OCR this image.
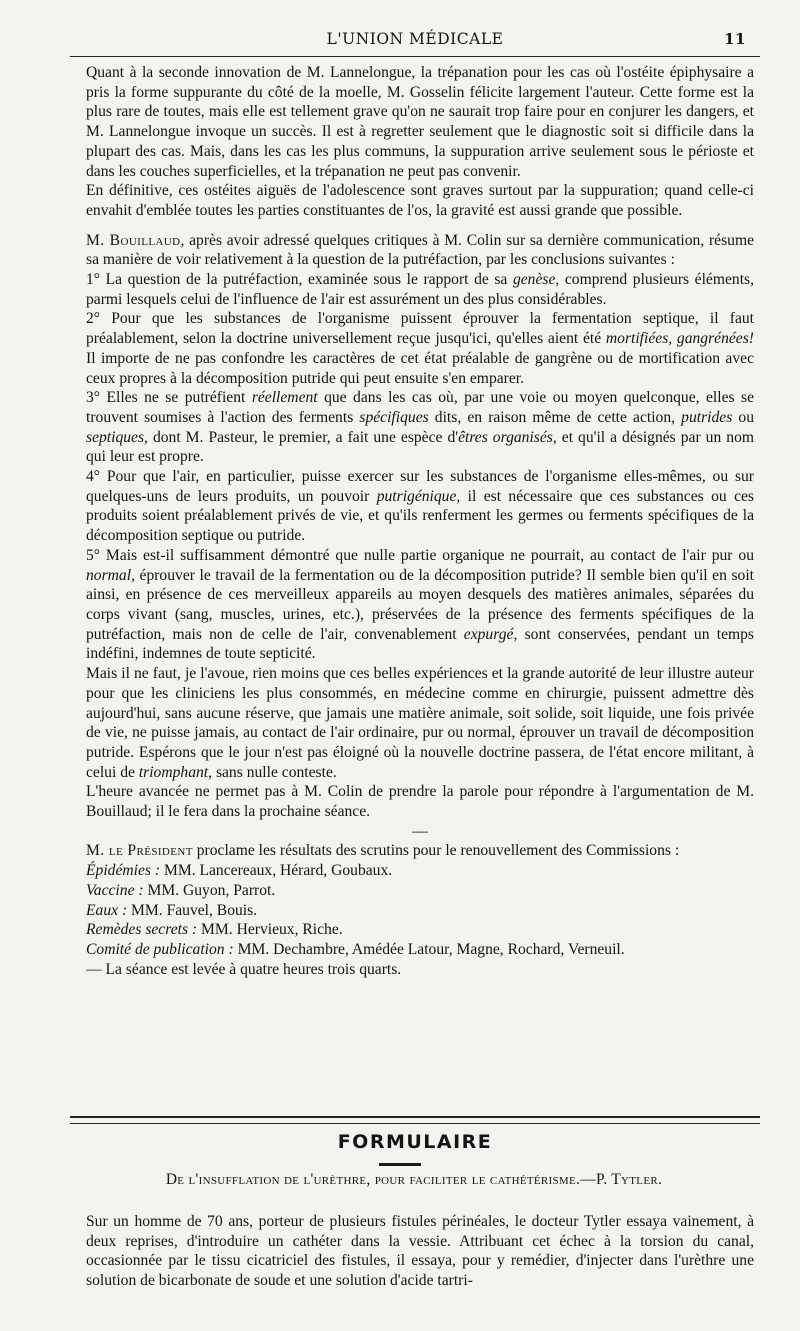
L'UNION MÉDICALE	11

Quant à la seconde innovation de M. Lannelongue, la trépanation pour les cas où l'ostéite épiphysaire a pris la forme suppurante du côté de la moelle, M. Gosselin félicite largement l'auteur. Cette forme est la plus rare de toutes, mais elle est tellement grave qu'on ne saurait trop faire pour en conjurer les dangers, et M. Lannelongue invoque un succès. Il est à regretter seulement que le diagnostic soit si difficile dans la plupart des cas. Mais, dans les cas les plus communs, la suppuration arrive seulement sous le périoste et dans les couches superficielles, et la trépanation ne peut pas convenir.

En définitive, ces ostéites aiguës de l'adolescence sont graves surtout par la suppuration; quand celle-ci envahit d'emblée toutes les parties constituantes de l'os, la gravité est aussi grande que possible.

M. Bouillaud, après avoir adressé quelques critiques à M. Colin sur sa dernière communication, résume sa manière de voir relativement à la question de la putréfaction, par les conclusions suivantes :

1° La question de la putréfaction, examinée sous le rapport de sa genèse, comprend plusieurs éléments, parmi lesquels celui de l'influence de l'air est assurément un des plus considérables.

2° Pour que les substances de l'organisme puissent éprouver la fermentation septique, il faut préalablement, selon la doctrine universellement reçue jusqu'ici, qu'elles aient été mortifiées, gangrénées! Il importe de ne pas confondre les caractères de cet état préalable de gangrène ou de mortification avec ceux propres à la décomposition putride qui peut ensuite s'en emparer.

3° Elles ne se putréfient réellement que dans les cas où, par une voie ou moyen quelconque, elles se trouvent soumises à l'action des ferments spécifiques dits, en raison même de cette action, putrides ou septiques, dont M. Pasteur, le premier, a fait une espèce d'êtres organisés, et qu'il a désignés par un nom qui leur est propre.

4° Pour que l'air, en particulier, puisse exercer sur les substances de l'organisme elles-mêmes, ou sur quelques-uns de leurs produits, un pouvoir putrigénique, il est nécessaire que ces substances ou ces produits soient préalablement privés de vie, et qu'ils renferment les germes ou ferments spécifiques de la décomposition septique ou putride.

5° Mais est-il suffisamment démontré que nulle partie organique ne pourrait, au contact de l'air pur ou normal, éprouver le travail de la fermentation ou de la décomposition putride? Il semble bien qu'il en soit ainsi, en présence de ces merveilleux appareils au moyen desquels des matières animales, séparées du corps vivant (sang, muscles, urines, etc.), préservées de la présence des ferments spécifiques de la putréfaction, mais non de celle de l'air, convenablement expurgé, sont conservées, pendant un temps indéfini, indemnes de toute septicité.

Mais il ne faut, je l'avoue, rien moins que ces belles expériences et la grande autorité de leur illustre auteur pour que les cliniciens les plus consommés, en médecine comme en chirurgie, puissent admettre dès aujourd'hui, sans aucune réserve, que jamais une matière animale, soit solide, soit liquide, une fois privée de vie, ne puisse jamais, au contact de l'air ordinaire, pur ou normal, éprouver un travail de décomposition putride. Espérons que le jour n'est pas éloigné où la nouvelle doctrine passera, de l'état encore militant, à celui de triomphant, sans nulle conteste.

L'heure avancée ne permet pas à M. Colin de prendre la parole pour répondre à l'argumentation de M. Bouillaud; il le fera dans la prochaine séance.

—

M. le Président proclame les résultats des scrutins pour le renouvellement des Commissions :

Épidémies : MM. Lancereaux, Hérard, Goubaux.

Vaccine : MM. Guyon, Parrot.

Eaux : MM. Fauvel, Bouis.

Remèdes secrets : MM. Hervieux, Riche.

Comité de publication : MM. Dechambre, Amédée Latour, Magne, Rochard, Verneuil.

— La séance est levée à quatre heures trois quarts.

FORMULAIRE
De l'insufflation de l'urèthre, pour faciliter le cathétérisme.—P. Tytler.

Sur un homme de 70 ans, porteur de plusieurs fistules périnéales, le docteur Tytler essaya vainement, à deux reprises, d'introduire un cathéter dans la vessie. Attribuant cet échec à la torsion du canal, occasionnée par le tissu cicatriciel des fistules, il essaya, pour y remédier, d'injecter dans l'urèthre une solution de bicarbonate de soude et une solution d'acide tartri-
